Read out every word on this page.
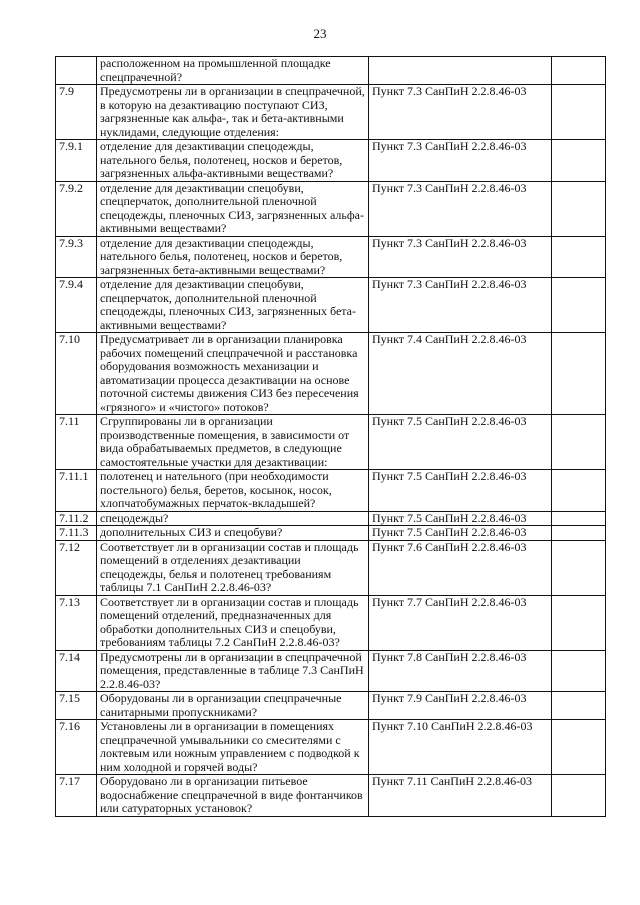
23
	расположенном на промышленной площадке спецпрачечной?		
7.9	Предусмотрены ли в организации в спецпрачечной, в которую на дезактивацию поступают СИЗ, загрязненные как альфа-, так и бета-активными нуклидами, следующие отделения:	Пункт 7.3 СанПиН 2.2.8.46-03	
7.9.1	отделение для дезактивации спецодежды, нательного белья, полотенец, носков и беретов, загрязненных альфа-активными веществами?	Пункт 7.3 СанПиН 2.2.8.46-03	
7.9.2	отделение для дезактивации спецобуви, спецперчаток, дополнительной пленочной спецодежды, пленочных СИЗ, загрязненных альфа-активными веществами?	Пункт 7.3 СанПиН 2.2.8.46-03	
7.9.3	отделение для дезактивации спецодежды, нательного белья, полотенец, носков и беретов, загрязненных бета-активными веществами?	Пункт 7.3 СанПиН 2.2.8.46-03	
7.9.4	отделение для дезактивации спецобуви, спецперчаток, дополнительной пленочной спецодежды, пленочных СИЗ, загрязненных бета-активными веществами?	Пункт 7.3 СанПиН 2.2.8.46-03	
7.10	Предусматривает ли в организации планировка рабочих помещений спецпрачечной и расстановка оборудования возможность механизации и автоматизации процесса дезактивации на основе поточной системы движения СИЗ без пересечения «грязного» и «чистого» потоков?	Пункт 7.4 СанПиН 2.2.8.46-03	
7.11	Сгруппированы ли в организации производственные помещения, в зависимости от вида обрабатываемых предметов, в следующие самостоятельные участки для дезактивации:	Пункт 7.5 СанПиН 2.2.8.46-03	
7.11.1	полотенец и нательного (при необходимости постельного) белья, беретов, косынок, носок, хлопчатобумажных перчаток-вкладышей?	Пункт 7.5 СанПиН 2.2.8.46-03	
7.11.2	спецодежды?	Пункт 7.5 СанПиН 2.2.8.46-03	
7.11.3	дополнительных СИЗ и спецобуви?	Пункт 7.5 СанПиН 2.2.8.46-03	
7.12	Соответствует ли в организации состав и площадь помещений в отделениях дезактивации спецодежды, белья и полотенец требованиям таблицы 7.1 СанПиН 2.2.8.46-03?	Пункт 7.6 СанПиН 2.2.8.46-03	
7.13	Соответствует ли в организации состав и площадь помещений отделений, предназначенных для обработки дополнительных СИЗ и спецобуви, требованиям таблицы 7.2 СанПиН 2.2.8.46-03?	Пункт 7.7 СанПиН 2.2.8.46-03	
7.14	Предусмотрены ли в организации в спецпрачечной помещения, представленные в таблице 7.3 СанПиН 2.2.8.46-03?	Пункт 7.8 СанПиН 2.2.8.46-03	
7.15	Оборудованы ли в организации спецпрачечные санитарными пропускниками?	Пункт 7.9 СанПиН 2.2.8.46-03	
7.16	Установлены ли в организации в помещениях спецпрачечной умывальники со смесителями с локтевым или ножным управлением с подводкой к ним холодной и горячей воды?	Пункт 7.10 СанПиН 2.2.8.46-03	
7.17	Оборудовано ли в организации питьевое водоснабжение спецпрачечной в виде фонтанчиков или сатураторных установок?	Пункт 7.11 СанПиН 2.2.8.46-03	
